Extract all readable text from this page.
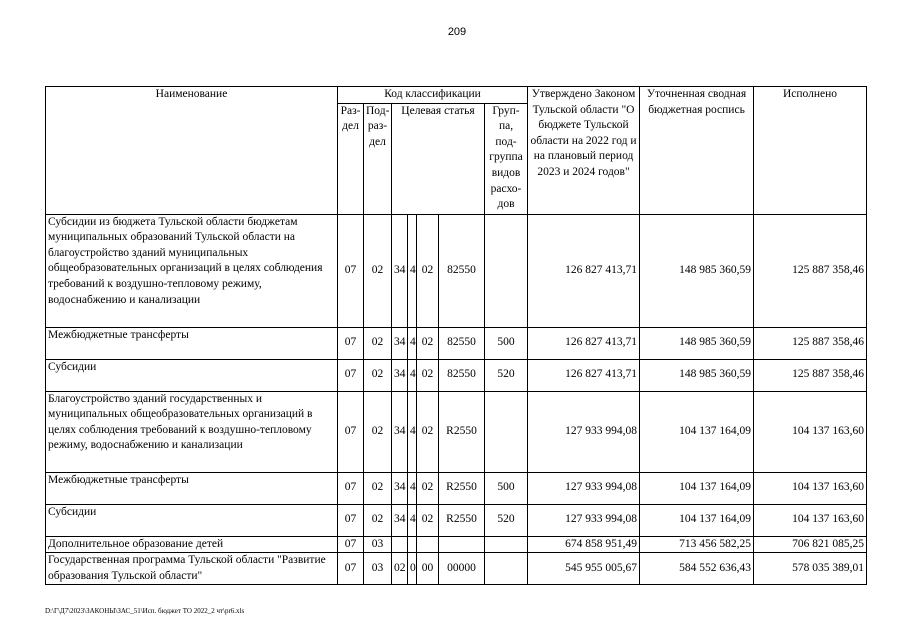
209
Наименование	Код классификации							Утверждено Законом Тульской области "О бюджете Тульской области на 2022 год и на плановый период 2023 и 2024 годов"	Уточненная сводная бюджетная роспись	Исполнено
	Раз-дел	Под-раз-дел	Целевая статья				Груп-па, под-группа видов расхо-дов			
Субсидии из бюджета Тульской области бюджетам муниципальных образований Тульской области на благоустройство зданий муниципальных общеобразовательных организаций в целях соблюдения требований к воздушно-тепловому режиму, водоснабжению и канализации	07	02	34	4	02	82550		126 827 413,71	148 985 360,59	125 887 358,46
Межбюджетные трансферты	07	02	34	4	02	82550	500	126 827 413,71	148 985 360,59	125 887 358,46
Субсидии	07	02	34	4	02	82550	520	126 827 413,71	148 985 360,59	125 887 358,46
Благоустройство зданий государственных и муниципальных общеобразовательных организаций в целях соблюдения требований к воздушно-тепловому режиму, водоснабжению и канализации	07	02	34	4	02	R2550		127 933 994,08	104 137 164,09	104 137 163,60
Межбюджетные трансферты	07	02	34	4	02	R2550	500	127 933 994,08	104 137 164,09	104 137 163,60
Субсидии	07	02	34	4	02	R2550	520	127 933 994,08	104 137 164,09	104 137 163,60
Дополнительное образование детей	07	03						674 858 951,49	713 456 582,25	706 821 085,25
Государственная программа Тульской области "Развитие образования Тульской области"	07	03	02	0	00	00000		545 955 005,67	584 552 636,43	578 035 389,01
D:\Г\Д7\2023\ЗАКОНЫ\ЗАС_51\Исп. бюджет ТО 2022_2 чт\pr6.xls
